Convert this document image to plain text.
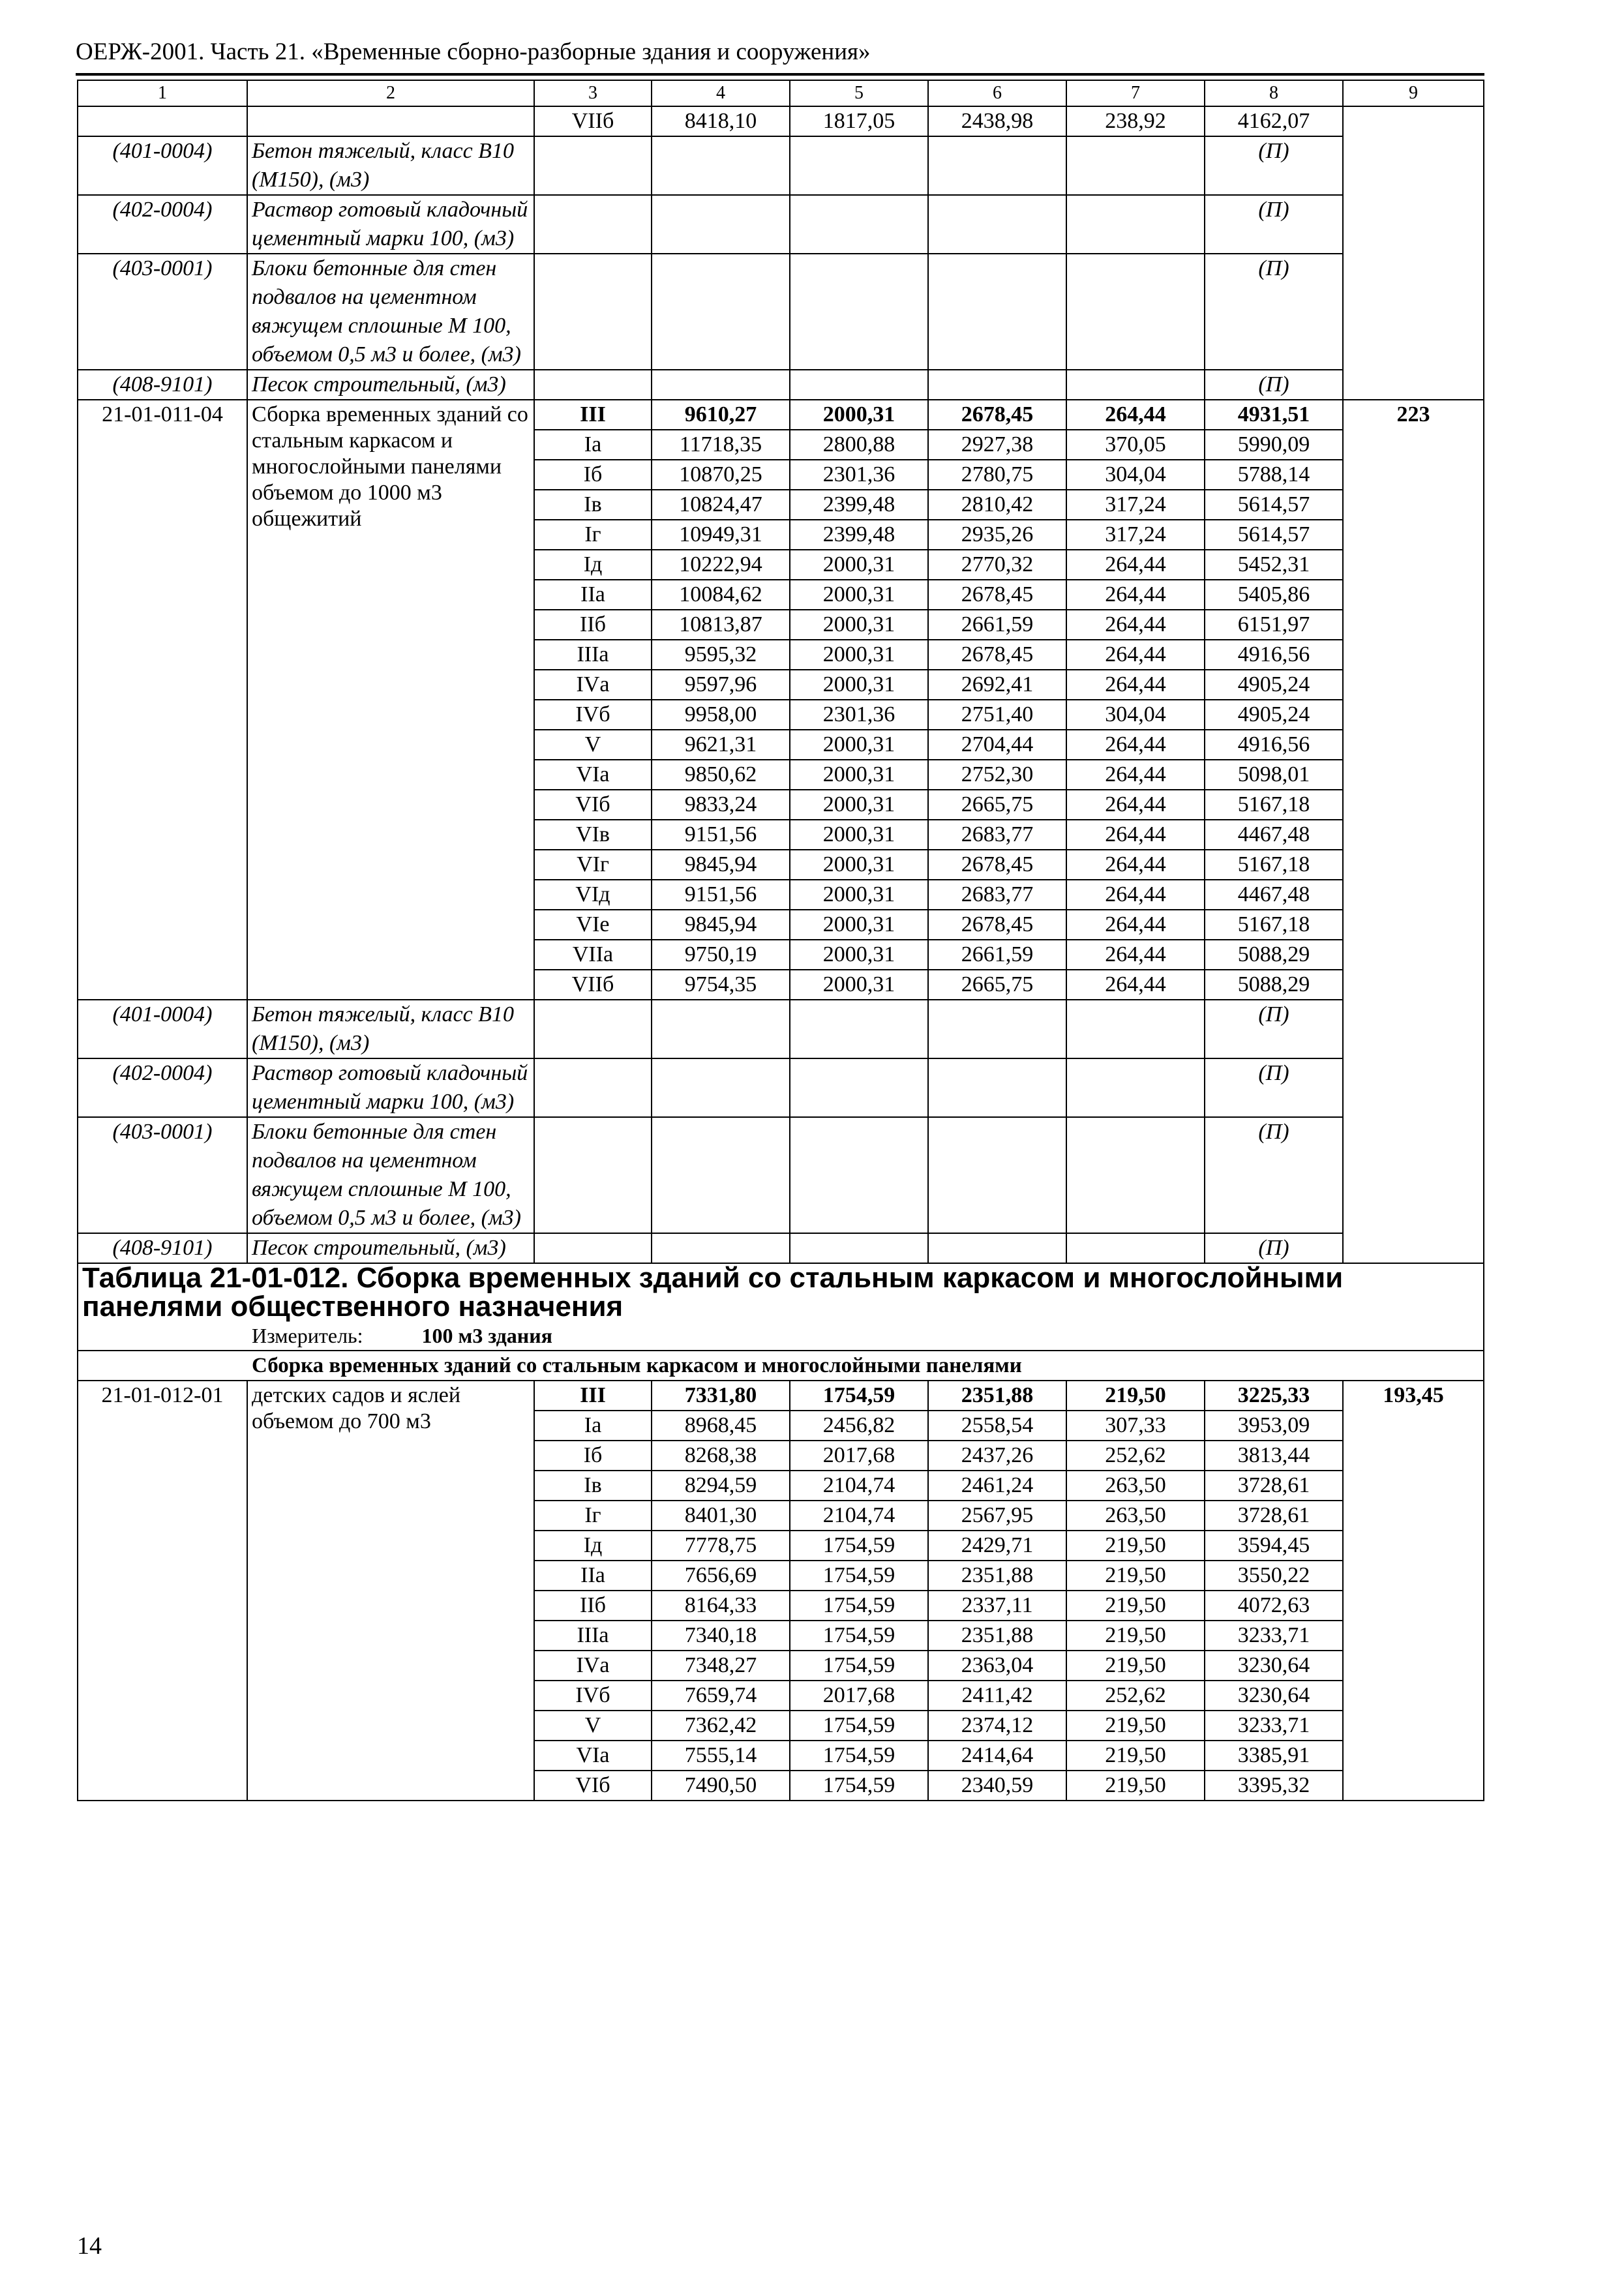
ОЕРЖ-2001. Часть 21. «Временные сборно-разборные здания и сооружения»
1	2	3	4	5	6	7	8	9
		VIIб	8418,10	1817,05	2438,98	238,92	4162,07	
(401-0004)	Бетон тяжелый, класс В10 (М150), (м3)						(П)	
(402-0004)	Раствор готовый кладочный цементный марки 100, (м3)						(П)	
(403-0001)	Блоки бетонные для стен подвалов на цементном вяжущем сплошные М 100, объемом 0,5 м3 и более, (м3)						(П)	
(408-9101)	Песок строительный, (м3)						(П)	
21-01-011-04	Сборка временных зданий со стальным каркасом и многослойными панелями объемом до 1000 м3 общежитий	III	9610,27	2000,31	2678,45	264,44	4931,51	223
		Iа	11718,35	2800,88	2927,38	370,05	5990,09	
		Iб	10870,25	2301,36	2780,75	304,04	5788,14	
		Iв	10824,47	2399,48	2810,42	317,24	5614,57	
		Iг	10949,31	2399,48	2935,26	317,24	5614,57	
		Iд	10222,94	2000,31	2770,32	264,44	5452,31	
		IIа	10084,62	2000,31	2678,45	264,44	5405,86	
		IIб	10813,87	2000,31	2661,59	264,44	6151,97	
		IIIа	9595,32	2000,31	2678,45	264,44	4916,56	
		IVа	9597,96	2000,31	2692,41	264,44	4905,24	
		IVб	9958,00	2301,36	2751,40	304,04	4905,24	
		V	9621,31	2000,31	2704,44	264,44	4916,56	
		VIа	9850,62	2000,31	2752,30	264,44	5098,01	
		VIб	9833,24	2000,31	2665,75	264,44	5167,18	
		VIв	9151,56	2000,31	2683,77	264,44	4467,48	
		VIг	9845,94	2000,31	2678,45	264,44	5167,18	
		VIд	9151,56	2000,31	2683,77	264,44	4467,48	
		VIе	9845,94	2000,31	2678,45	264,44	5167,18	
		VIIа	9750,19	2000,31	2661,59	264,44	5088,29	
		VIIб	9754,35	2000,31	2665,75	264,44	5088,29	
(401-0004)	Бетон тяжелый, класс В10 (М150), (м3)						(П)	
(402-0004)	Раствор готовый кладочный цементный марки 100, (м3)						(П)	
(403-0001)	Блоки бетонные для стен подвалов на цементном вяжущем сплошные М 100, объемом 0,5 м3 и более, (м3)						(П)	
(408-9101)	Песок строительный, (м3)						(П)	

Таблица 21-01-012. Сборка временных зданий со стальным каркасом и многослойными панелями общественного назначения
Измеритель: 100 м3 здания								

Сборка временных зданий со стальным каркасом и многослойными панелями								
21-01-012-01	детских садов и яслей объемом до 700 м3	III	7331,80	1754,59	2351,88	219,50	3225,33	193,45
		Iа	8968,45	2456,82	2558,54	307,33	3953,09	
		Iб	8268,38	2017,68	2437,26	252,62	3813,44	
		Iв	8294,59	2104,74	2461,24	263,50	3728,61	
		Iг	8401,30	2104,74	2567,95	263,50	3728,61	
		Iд	7778,75	1754,59	2429,71	219,50	3594,45	
		IIа	7656,69	1754,59	2351,88	219,50	3550,22	
		IIб	8164,33	1754,59	2337,11	219,50	4072,63	
		IIIа	7340,18	1754,59	2351,88	219,50	3233,71	
		IVа	7348,27	1754,59	2363,04	219,50	3230,64	
		IVб	7659,74	2017,68	2411,42	252,62	3230,64	
		V	7362,42	1754,59	2374,12	219,50	3233,71	
		VIа	7555,14	1754,59	2414,64	219,50	3385,91	
		VIб	7490,50	1754,59	2340,59	219,50	3395,32	
14
